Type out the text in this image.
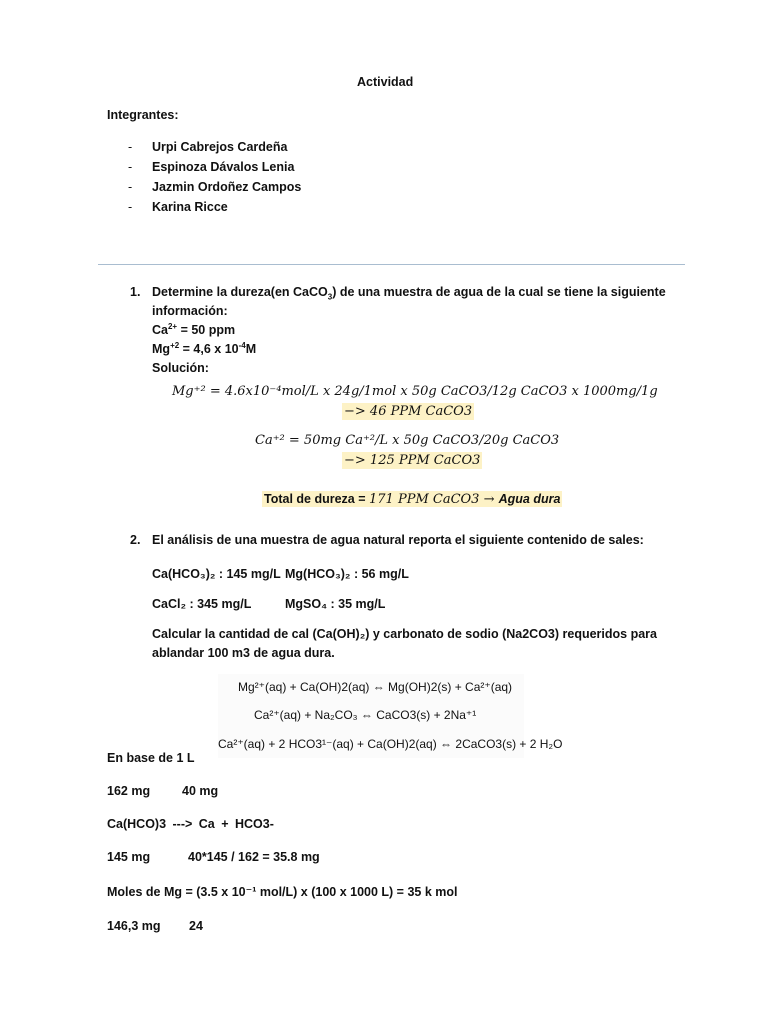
Actividad
Integrantes:
- Urpi Cabrejos Cardeña
- Espinoza Dávalos Lenia
- Jazmin Ordoñez Campos
- Karina Ricce
1. Determine la dureza(en CaCO$_3$) de una muestra de agua de la cual se tiene la siguiente
información:
$Ca^{2+} = 50$ ppm
$Mg^{+2} = 4,6$ x $10^{-4}M$
Solución:
Mg⁺² = 4.6x10⁻⁴mol/L x 24g/1mol x 50g CaCO3/12g CaCO3 x 1000mg/1g
−> 46 PPM CaCO3
Ca⁺² = 50mg Ca⁺²/L x 50g CaCO3/20g CaCO3
−> 125 PPM CaCO3
Total de dureza = 171 PPM CaCO3 → Agua dura
2. El análisis de una muestra de agua natural reporta el siguiente contenido de sales:
Ca(HCO₃)₂ : 145 mg/L Mg(HCO₃)₂ : 56 mg/L
CaCl₂ : 345 mg/L	MgSO₄ : 35 mg/L
Calcular la cantidad de cal (Ca(OH)₂) y carbonato de sodio (Na2CO3) requeridos para
ablandar 100 m3 de agua dura.
Mg²⁺(aq) + Ca(OH)2(aq) ⇔ Mg(OH)2(s) + Ca²⁺(aq)
Ca²⁺(aq) + Na₂CO₃ ⇔ CaCO3(s) + 2Na⁺¹
Ca²⁺(aq) + 2 HCO3¹⁻(aq) + Ca(OH)2(aq) ⇔ 2CaCO3(s) + 2 H₂O
En base de 1 L
162 mg	40 mg
Ca(HCO)3 ---> Ca + HCO3-
145 mg	40*145 / 162 = 35.8 mg
Moles de Mg = (3.5 x 10⁻¹ mol/L) x (100 x 1000 L) = 35 k mol
146,3 mg 24
